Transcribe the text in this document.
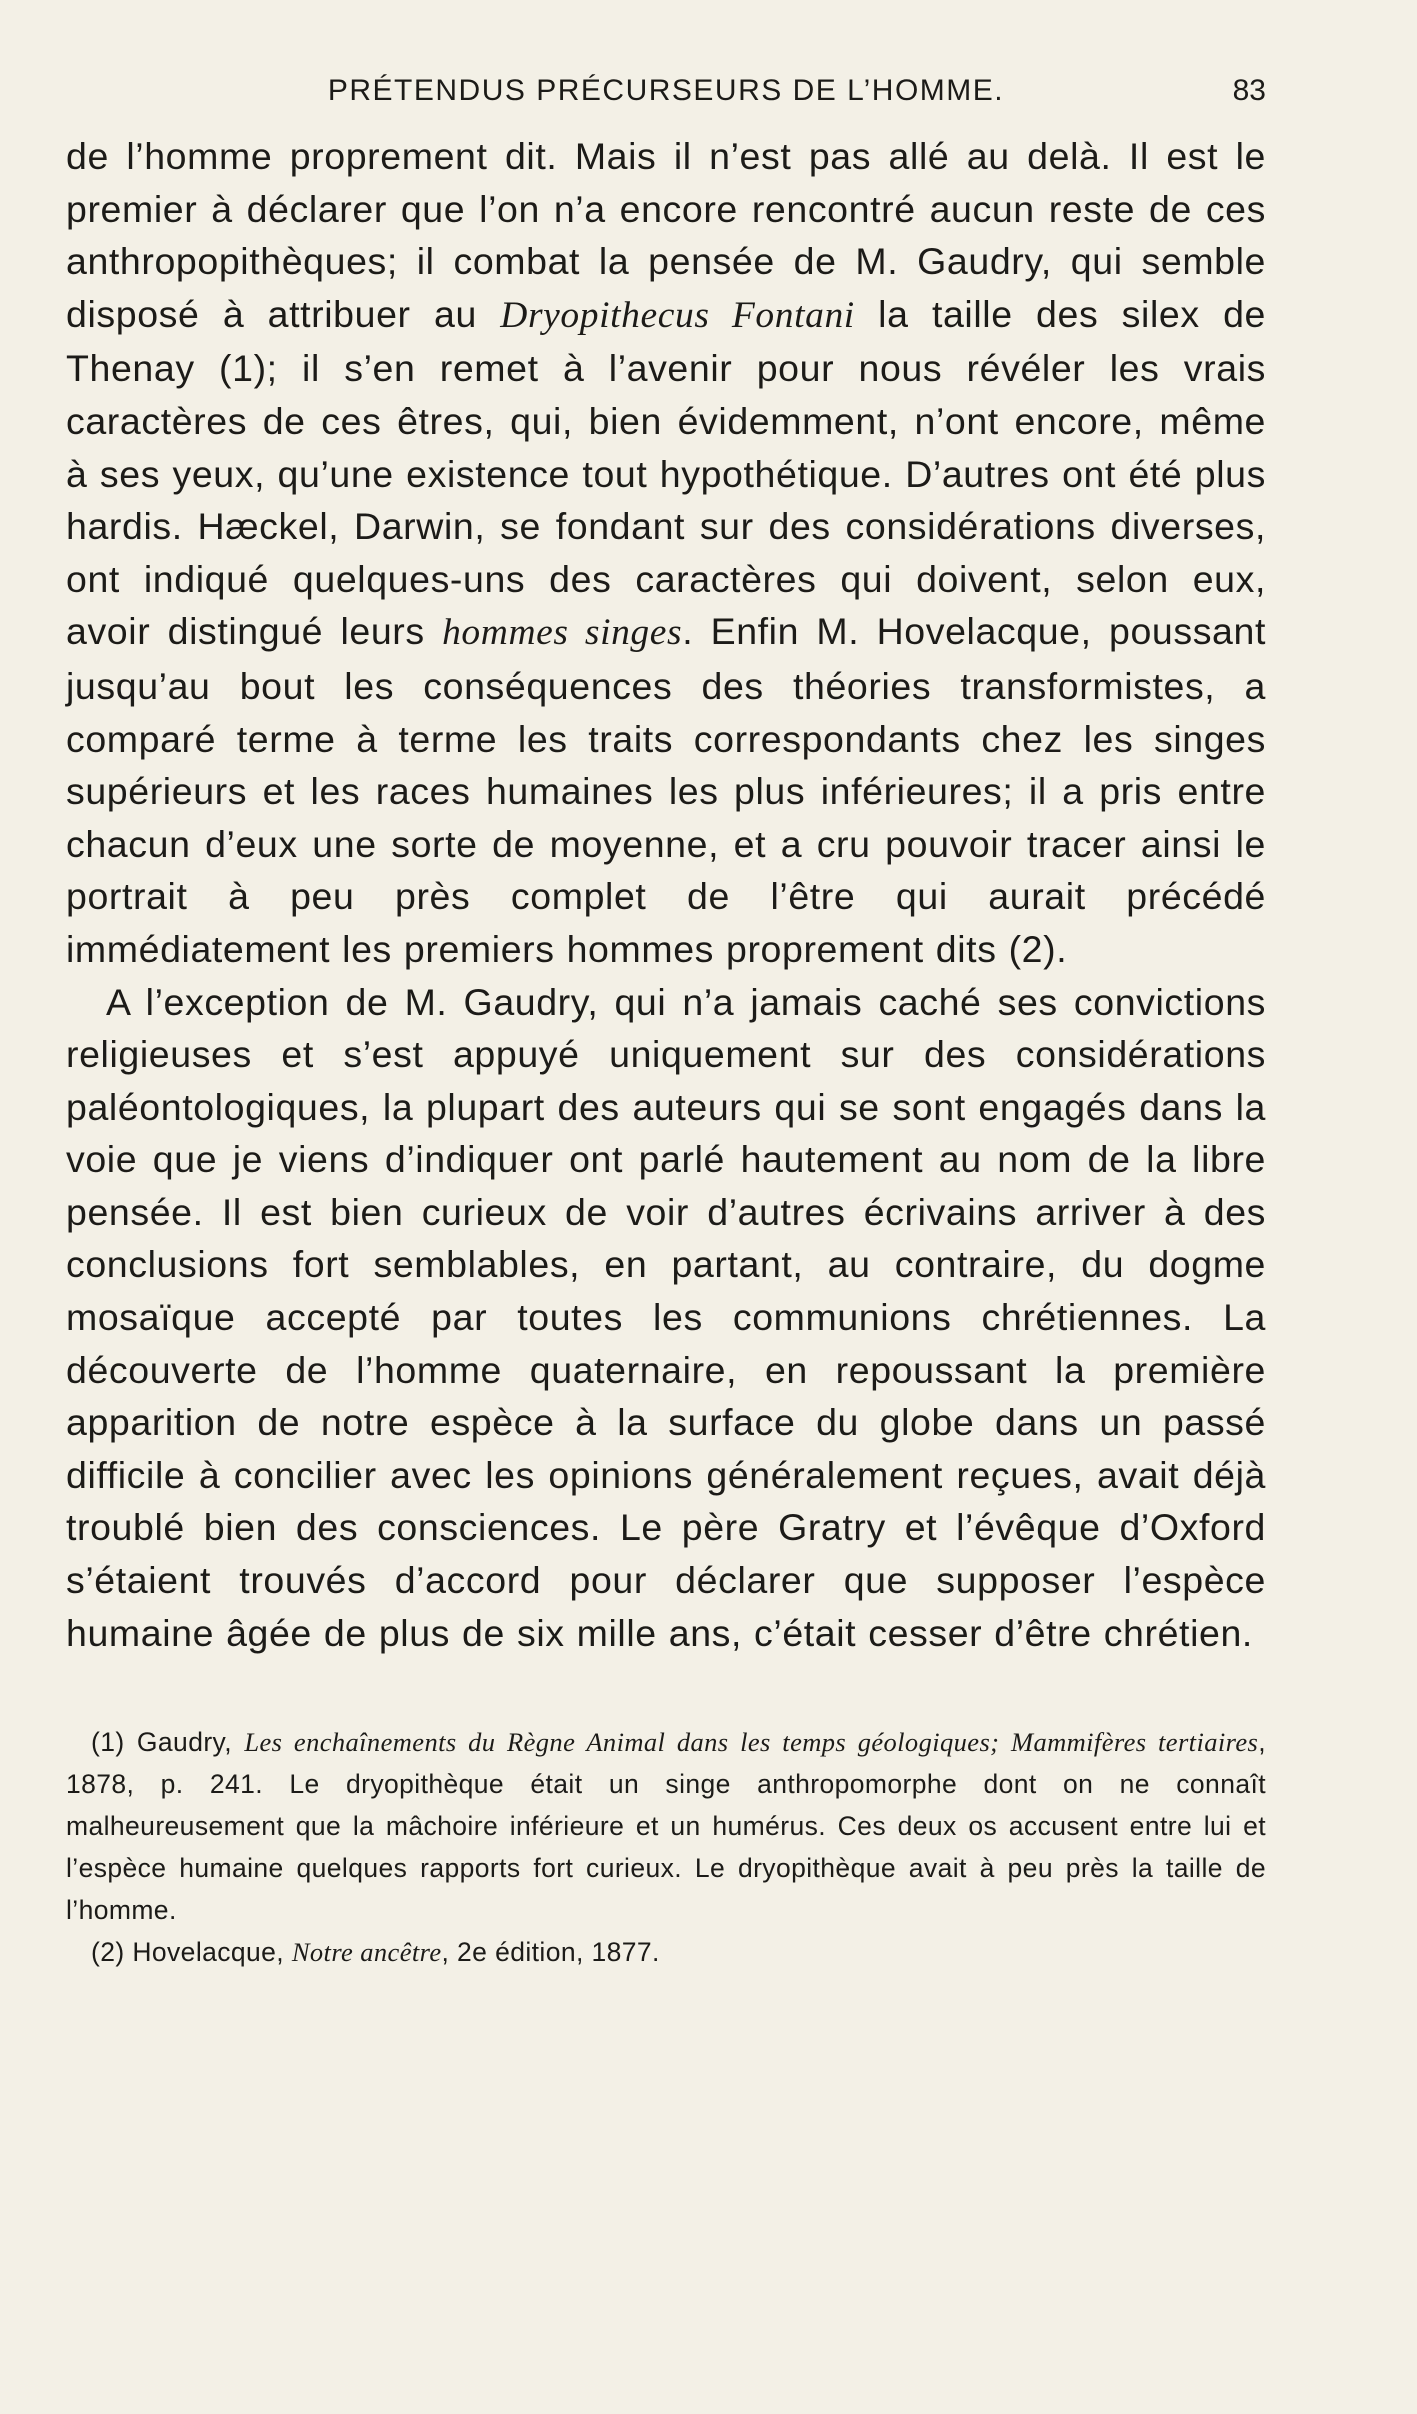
PRÉTENDUS PRÉCURSEURS DE L’HOMME.	83

de l’homme proprement dit. Mais il n’est pas allé au delà. Il est le premier à déclarer que l’on n’a encore rencontré aucun reste de ces anthropopithèques; il combat la pensée de M. Gaudry, qui semble disposé à attribuer au Dryopithecus Fontani la taille des silex de Thenay (1); il s’en remet à l’avenir pour nous révéler les vrais caractères de ces êtres, qui, bien évidemment, n’ont encore, même à ses yeux, qu’une existence tout hypothétique. D’autres ont été plus hardis. Hæckel, Darwin, se fondant sur des considérations diverses, ont indiqué quelques-uns des caractères qui doivent, selon eux, avoir distingué leurs hommes singes. Enfin M. Hovelacque, poussant jusqu’au bout les conséquences des théories transformistes, a comparé terme à terme les traits correspondants chez les singes supérieurs et les races humaines les plus inférieures; il a pris entre chacun d’eux une sorte de moyenne, et a cru pouvoir tracer ainsi le portrait à peu près complet de l’être qui aurait précédé immédiatement les premiers hommes proprement dits (2).

A l’exception de M. Gaudry, qui n’a jamais caché ses convictions religieuses et s’est appuyé uniquement sur des considérations paléontologiques, la plupart des auteurs qui se sont engagés dans la voie que je viens d’indiquer ont parlé hautement au nom de la libre pensée. Il est bien curieux de voir d’autres écrivains arriver à des conclusions fort semblables, en partant, au contraire, du dogme mosaïque accepté par toutes les communions chrétiennes. La découverte de l’homme quaternaire, en repoussant la première apparition de notre espèce à la surface du globe dans un passé difficile à concilier avec les opinions généralement reçues, avait déjà troublé bien des consciences. Le père Gratry et l’évêque d’Oxford s’étaient trouvés d’accord pour déclarer que supposer l’espèce humaine âgée de plus de six mille ans, c’était cesser d’être chrétien.

(1) Gaudry, Les enchaînements du Règne Animal dans les temps géologiques; Mammifères tertiaires, 1878, p. 241. Le dryopithèque était un singe anthropomorphe dont on ne connaît malheureusement que la mâchoire inférieure et un humérus. Ces deux os accusent entre lui et l’espèce humaine quelques rapports fort curieux. Le dryopithèque avait à peu près la taille de l’homme.

(2) Hovelacque, Notre ancêtre, 2e édition, 1877.
